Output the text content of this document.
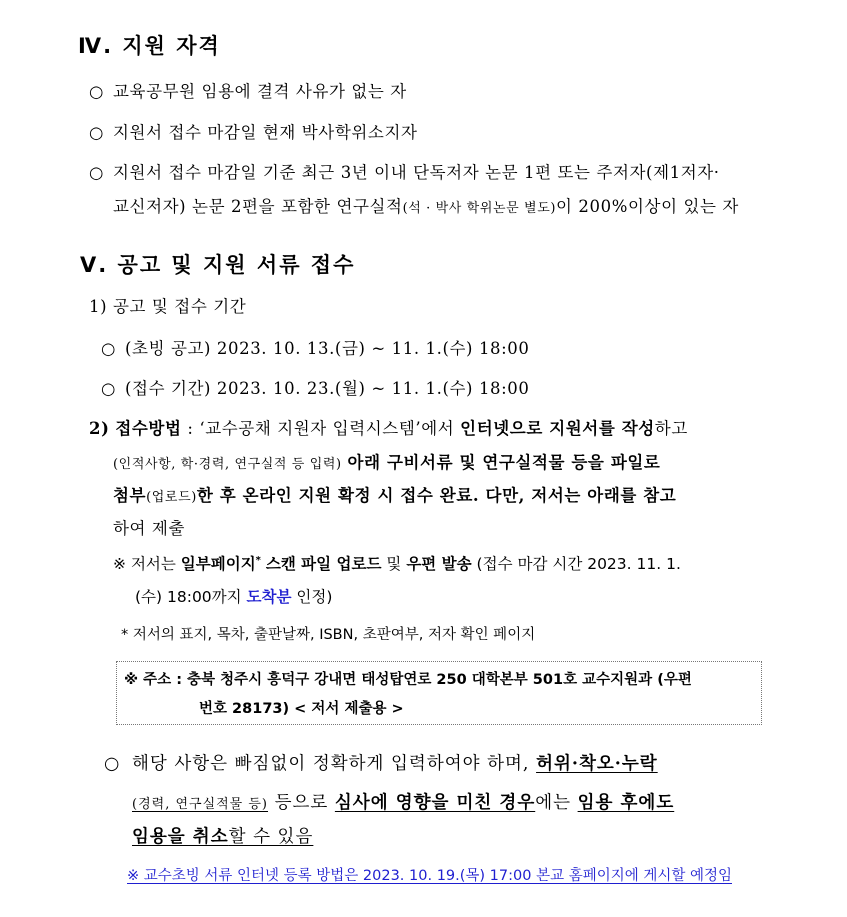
Ⅳ. 지원 자격
○ 교육공무원 임용에 결격 사유가 없는 자
○ 지원서 접수 마감일 현재 박사학위소지자
○ 지원서 접수 마감일 기준 최근 3년 이내 단독저자 논문 1편 또는 주저자(제1저자·
교신저자) 논문 2편을 포함한 연구실적(석 · 박사 학위논문 별도)이 200%이상이 있는 자
Ⅴ. 공고 및 지원 서류 접수
1) 공고 및 접수 기간
○ (초빙 공고) 2023. 10. 13.(금) ~ 11. 1.(수) 18:00
○ (접수 기간) 2023. 10. 23.(월) ~ 11. 1.(수) 18:00
2) 접수방법 : ‘교수공채 지원자 입력시스템’에서 인터넷으로 지원서를 작성하고
(인적사항, 학·경력, 연구실적 등 입력) 아래 구비서류 및 연구실적물 등을 파일로
첨부(업로드)한 후 온라인 지원 확정 시 접수 완료. 다만, 저서는 아래를 참고
하여 제출
※ 저서는 일부페이지* 스캔 파일 업로드 및 우편 발송 (접수 마감 시간 2023. 11. 1.
(수) 18:00까지 도착분 인정)
* 저서의 표지, 목차, 출판날짜, ISBN, 초판여부, 저자 확인 페이지
※ 주소 : 충북 청주시 흥덕구 강내면 태성탑연로 250 대학본부 501호 교수지원과 (우편
번호 28173) < 저서 제출용 >
○ 해당 사항은 빠짐없이 정확하게 입력하여야 하며, 허위·착오·누락
(경력, 연구실적물 등) 등으로 심사에 영향을 미친 경우에는 임용 후에도
임용을 취소할 수 있음
※ 교수초빙 서류 인터넷 등록 방법은 2023. 10. 19.(목) 17:00 본교 홈페이지에 게시할 예정임
